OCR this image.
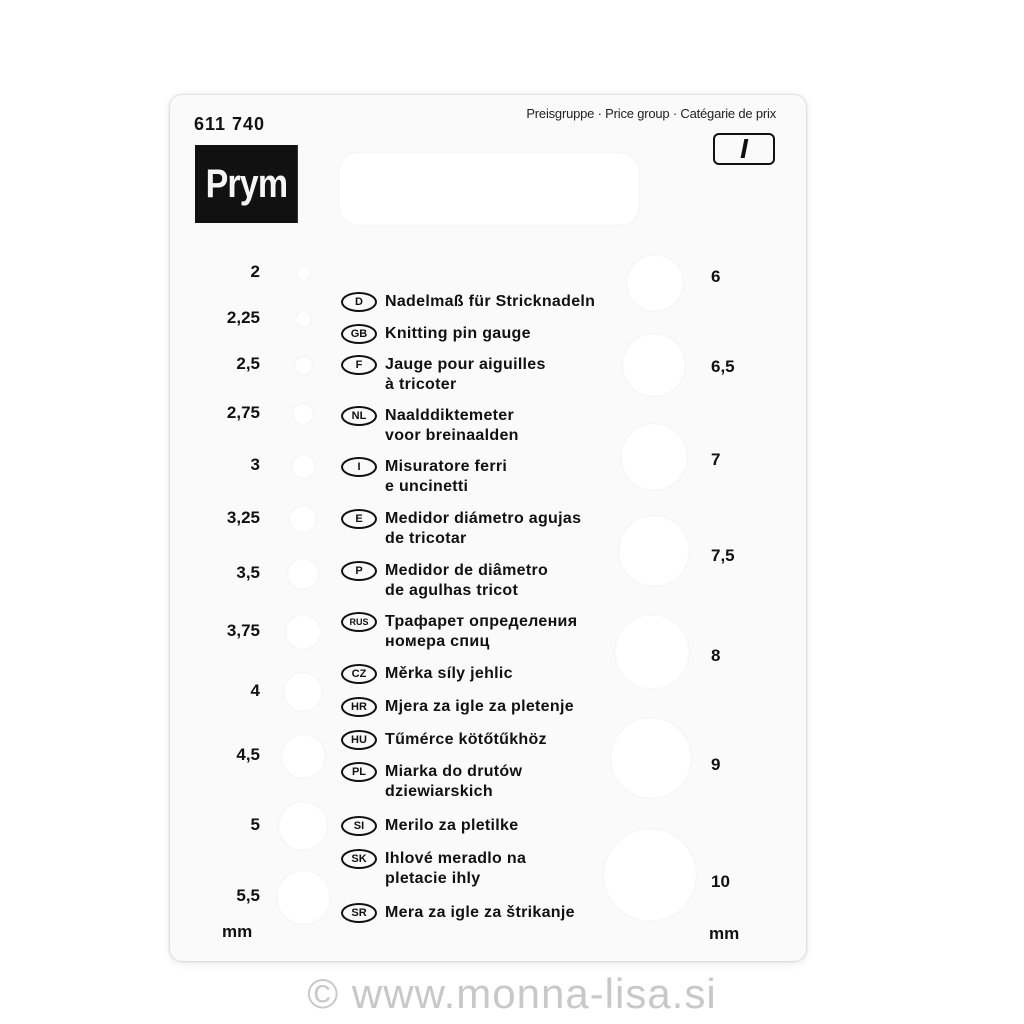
611 740
Prym
Preisgruppe · Price group · Catégarie de prix
I
2
2,25
2,5
2,75
3
3,25
3,5
3,75
4
4,5
5
5,5
6
6,5
7
7,5
8
9
10
mm	mm
D	Nadelmaß für Stricknadeln
GB	Knitting pin gauge
F	Jauge pour aiguilles
à tricoter
NL	Naalddiktemeter
voor breinaalden
I	Misuratore ferri
e uncinetti
E	Medidor diámetro agujas
de tricotar
P	Medidor de diâmetro
de agulhas tricot
RUS	Трафарет определения
номера спиц
CZ	Měrka síly jehlic
HR	Mjera za igle za pletenje
HU	Tűmérce kötőtűkhöz
PL	Miarka do drutów
dziewiarskich
SI	Merilo za pletilke
SK	Ihlové meradlo na
pletacie ihly
SR	Mera za igle za štrikanje
© www.monna-lisa.si
